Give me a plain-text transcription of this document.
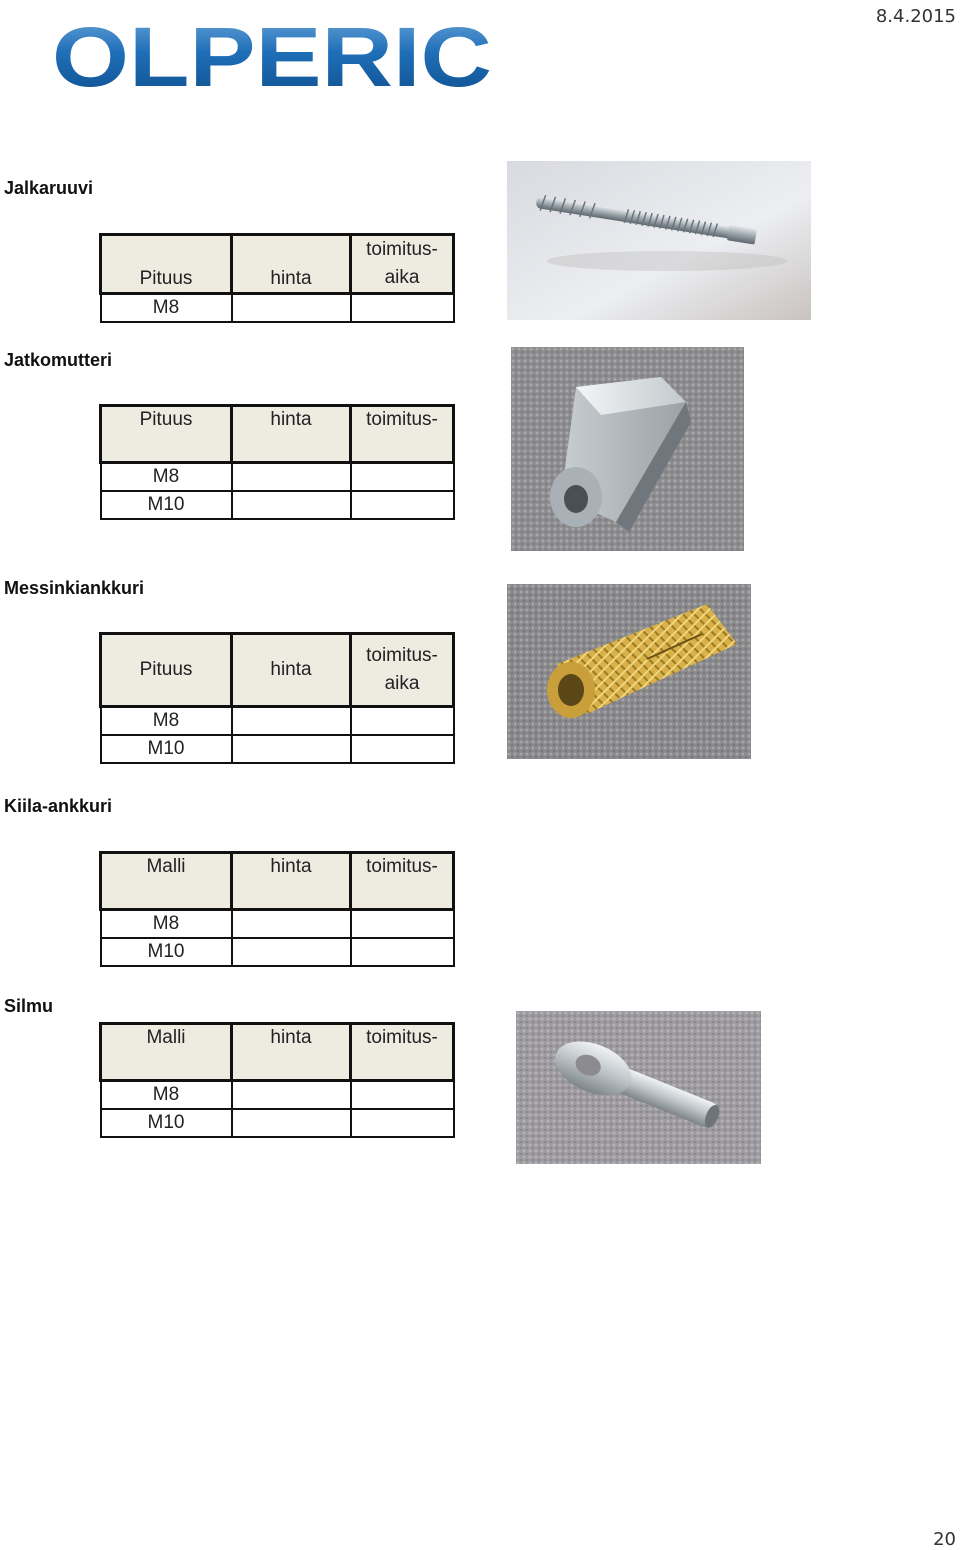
8.4.2015
OLPERIC
Jalkaruuvi
Pituus	hinta	toimitus-
aika

M8		
Jatkomutteri
Pituus	hinta	toimitus-
M8		
M10		
Messinkiankkuri
Pituus	hinta	toimitus-
aika

M8		
M10		
Kiila-ankkuri
Malli	hinta	toimitus-
M8		
M10		
Silmu
Malli	hinta	toimitus-
M8		
M10		
20
